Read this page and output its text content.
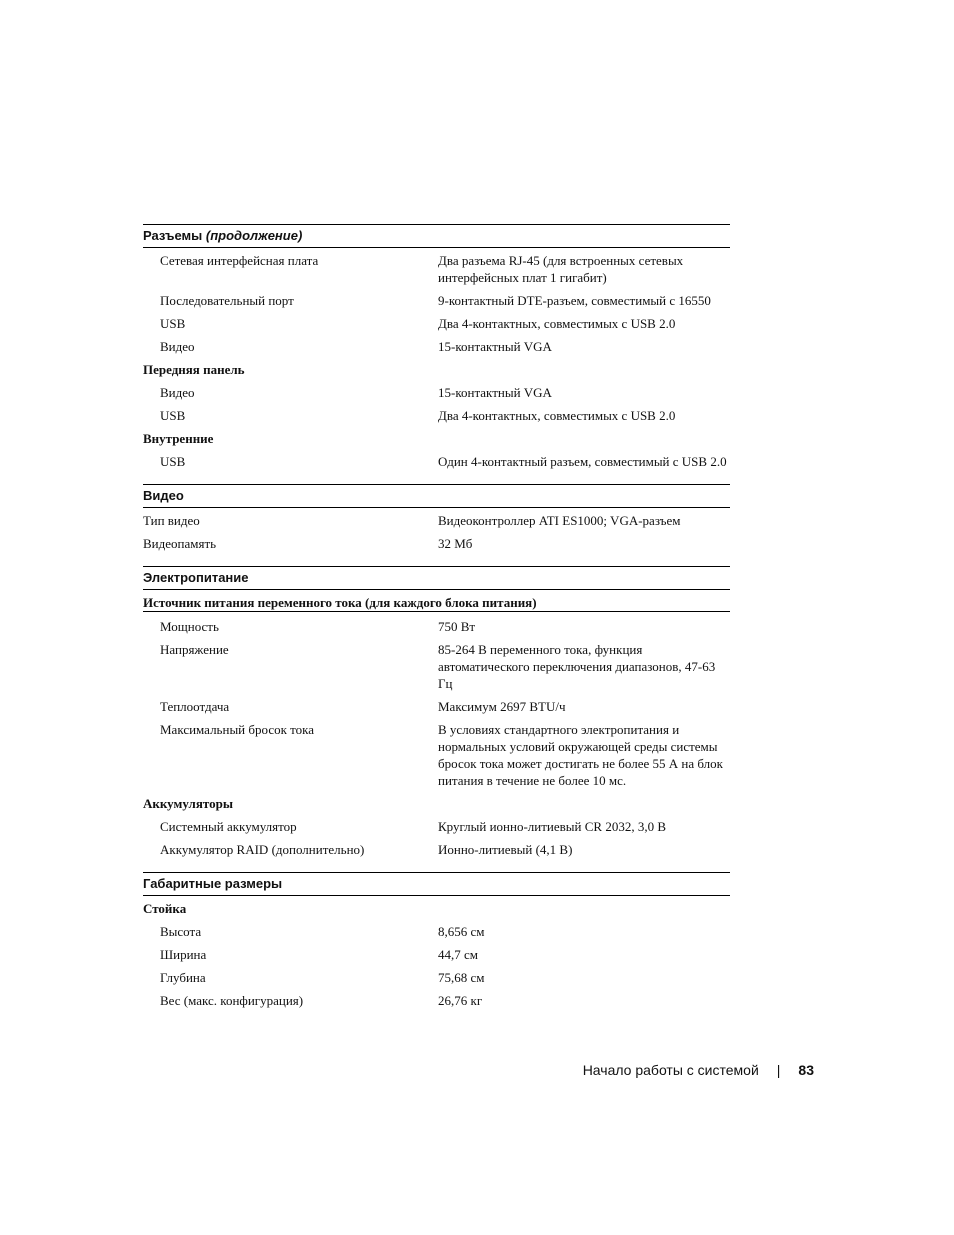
Разъемы (продолжение)
Сетевая интерфейсная плата	Два разъема RJ-45 (для встроенных сетевых интерфейсных плат 1 гигабит)
Последовательный порт	9-контактный DTE-разъем, совместимый с 16550
USB	Два 4-контактных, совместимых с USB 2.0
Видео	15-контактный VGA
Передняя панель
Видео	15-контактный VGA
USB	Два 4-контактных, совместимых с USB 2.0
Внутренние
USB	Один 4-контактный разъем, совместимый с USB 2.0
Видео
Тип видео	Видеоконтроллер ATI ES1000; VGA-разъем
Видеопамять	32 Мб
Электропитание
Источник питания переменного тока (для каждого блока питания)
Мощность	750 Вт
Напряжение	85-264 В переменного тока, функция автоматического переключения диапазонов, 47-63 Гц
Теплоотдача	Максимум 2697 BTU/ч
Максимальный бросок тока	В условиях стандартного электропитания и нормальных условий окружающей среды системы бросок тока может достигать не более 55 А на блок питания в течение не более 10 мс.
Аккумуляторы
Системный аккумулятор	Круглый ионно-литиевый CR 2032, 3,0 В
Аккумулятор RAID (дополнительно)	Ионно-литиевый (4,1 В)
Габаритные размеры
Стойка
Высота	8,656 см
Ширина	44,7 см
Глубина	75,68 см
Вес (макс. конфигурация)	26,76 кг
Начало работы с системой | 83
